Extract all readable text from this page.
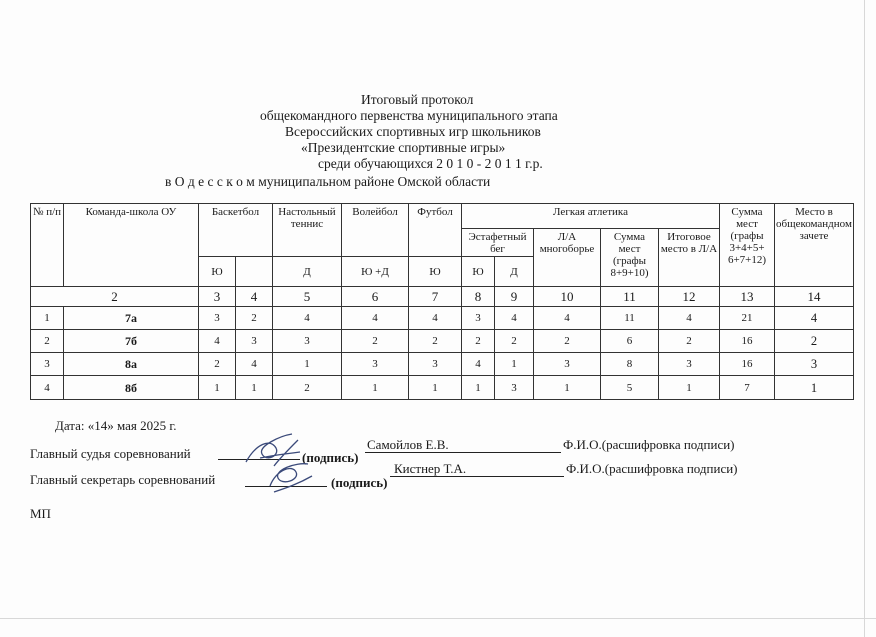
Итоговый протокол
общекомандного первенства муниципального этапа
Всероссийских спортивных игр школьников
«Президентские спортивные игры»
среди обучающихся 2 0 1 0 - 2 0 1 1 г.р.
в О д е с с к о м муниципальном районе Омской области
№ п/п	Команда-школа ОУ	Баскетбол		Настольный теннис	Волейбол	Футбол	Легкая атлетика					Сумма мест (графы 3+4+5+ 6+7+12)	Место в общекомандном зачете
							Эстафетный бег		Л/А многоборье	Сумма мест (графы 8+9+10)	Итоговое место в Л/А		
		Ю		Д	Ю +Д	Ю	Ю	Д					
2		3	4	5	6	7	8	9	10	11	12	13	14
1	7а	3	2	4	4	4	3	4	4	11	4	21	4
2	7б	4	3	3	2	2	2	2	2	6	2	16	2
3	8а	2	4	1	3	3	4	1	3	8	3	16	3
4	8б	1	1	2	1	1	1	3	1	5	1	7	1
Дата: «14» мая 2025 г.
Главный судья соревнований	(подпись)
Самойлов Е.В.	Ф.И.О.(расшифровка подписи)
Главный секретарь соревнований	(подпись)
Кистнер Т.А.	Ф.И.О.(расшифровка подписи)
МП
